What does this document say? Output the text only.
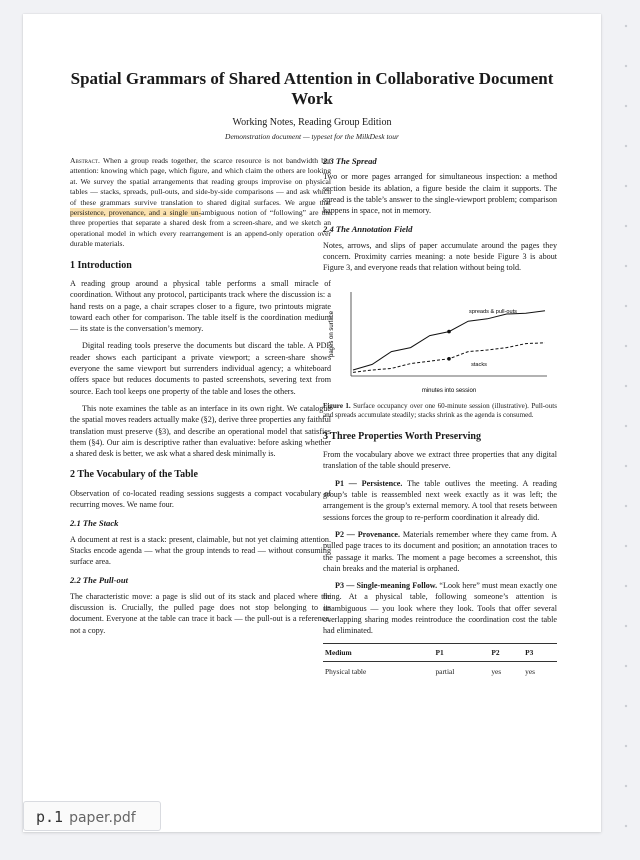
Spatial Grammars of Shared Attention in Collaborative Document Work
Working Notes, Reading Group Edition
Demonstration document — typeset for the MilkDesk tour

Abstract. When a group reads together, the scarce resource is not bandwidth but attention: knowing which page, which figure, and which claim the others are looking at. We survey the spatial arrangements that reading groups improvise on physical tables — stacks, spreads, pull-outs, and side-by-side comparisons — and ask which of these grammars survive translation to shared digital surfaces. We argue that persistence, provenance, and a single un-ambiguous notion of “following” are the three properties that separate a shared desk from a screen-share, and we sketch an operational model in which every rearrangement is an append-only operation over durable materials.

1 Introduction

A reading group around a physical table performs a small miracle of coordination. Without any protocol, participants track where the discussion is: a hand rests on a page, a chair scrapes closer to a figure, two printouts migrate toward each other for comparison. The table itself is the coordination medium — its state is the conversation’s memory.

Digital reading tools preserve the documents but discard the table. A PDF reader shows each participant a private viewport; a screen-share shows everyone the same viewport but surrenders individual agency; a whiteboard offers space but reduces documents to pasted screenshots, severing text from source. Each tool keeps one property of the table and loses the others.

This note examines the table as an interface in its own right. We catalogue the spatial moves readers actually make (§2), derive three properties any faithful translation must preserve (§3), and describe an operational model that satisfies them (§4). Our aim is descriptive rather than evaluative: before asking whether a shared desk is better, we ask what a shared desk minimally is.

2 The Vocabulary of the Table

Observation of co-located reading sessions suggests a compact vocabulary of recurring moves. We name four.

2.1 The Stack

A document at rest is a stack: present, claimable, but not yet claiming attention. Stacks encode agenda — what the group intends to read — without consuming surface area.

2.2 The Pull-out

The characteristic move: a page is slid out of its stack and placed where the discussion is. Crucially, the pulled page does not stop belonging to its document. Everyone at the table can trace it back — the pull-out is a reference, not a copy.

2.3 The Spread

Two or more pages arranged for simultaneous inspection: a method section beside its ablation, a figure beside the claim it supports. The spread is the table’s answer to the single-viewport problem; comparison happens in space, not in memory.

2.4 The Annotation Field

Notes, arrows, and slips of paper accumulate around the pages they concern. Proximity carries meaning: a note beside Figure 3 is about Figure 3, and everyone reads that relation without being told.

pages on surface
minutes into session
spreads & pull-outs
stacks

Figure 1. Surface occupancy over one 60-minute session (illustrative). Pull-outs and spreads accumulate steadily; stacks shrink as the agenda is consumed.

3 Three Properties Worth Preserving

From the vocabulary above we extract three properties that any digital translation of the table should preserve.

P1 — Persistence. The table outlives the meeting. A reading group’s table is reassembled next week exactly as it was left; the arrangement is the group’s external memory. A tool that resets between sessions forces the group to re-perform coordination it already did.

P2 — Provenance. Materials remember where they came from. A pulled page traces to its document and position; an annotation traces to the passage it marks. The moment a page becomes a screenshot, this chain breaks and the material is orphaned.

P3 — Single-meaning Follow. “Look here” must mean exactly one thing. At a physical table, following someone’s attention is unambiguous — you look where they look. Tools that offer several overlapping sharing modes reintroduce the coordination cost the table had eliminated.

Medium	P1	P2	P3
Physical table	partial	yes	yes
p.1 paper.pdf
